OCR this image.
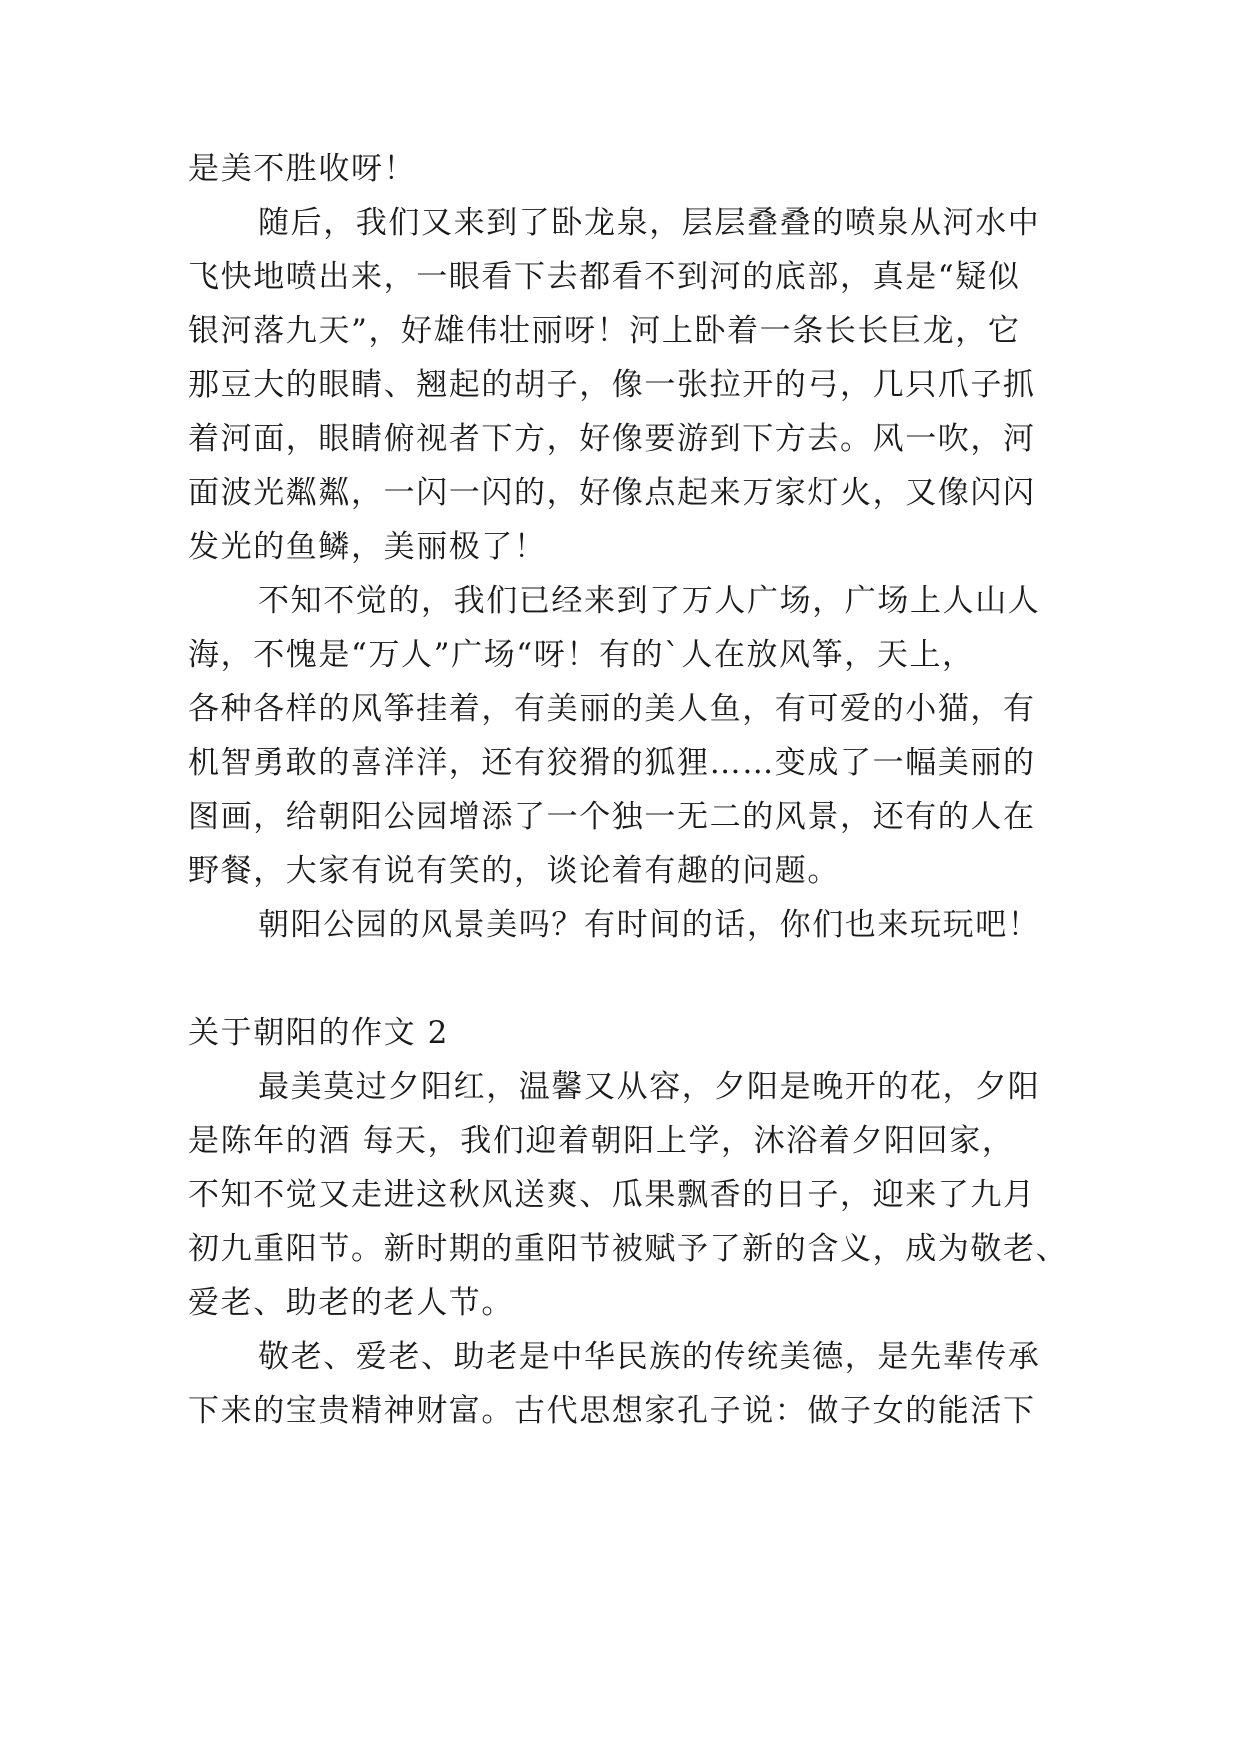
是美不胜收呀！
随后，我们又来到了卧龙泉，层层叠叠的喷泉从河水中
飞快地喷出来，一眼看下去都看不到河的底部，真是“疑似
银河落九天”，好雄伟壮丽呀！河上卧着一条长长巨龙，它
那豆大的眼睛、翘起的胡子，像一张拉开的弓，几只爪子抓
着河面，眼睛俯视者下方，好像要游到下方去。风一吹，河
面波光粼粼，一闪一闪的，好像点起来万家灯火，又像闪闪
发光的鱼鳞，美丽极了！
不知不觉的，我们已经来到了万人广场，广场上人山人
海，不愧是“万人”广场“呀！有的`人在放风筝，天上，
各种各样的风筝挂着，有美丽的美人鱼，有可爱的小猫，有
机智勇敢的喜洋洋，还有狡猾的狐狸……变成了一幅美丽的
图画，给朝阳公园增添了一个独一无二的风景，还有的人在
野餐，大家有说有笑的，谈论着有趣的问题。
朝阳公园的风景美吗？有时间的话，你们也来玩玩吧！
关于朝阳的作文 2
最美莫过夕阳红，温馨又从容，夕阳是晚开的花，夕阳
是陈年的酒 每天，我们迎着朝阳上学，沐浴着夕阳回家，
不知不觉又走进这秋风送爽、瓜果飘香的日子，迎来了九月
初九重阳节。新时期的重阳节被赋予了新的含义，成为敬老、
爱老、助老的老人节。
敬老、爱老、助老是中华民族的传统美德，是先辈传承
下来的宝贵精神财富。古代思想家孔子说：做子女的能活下
